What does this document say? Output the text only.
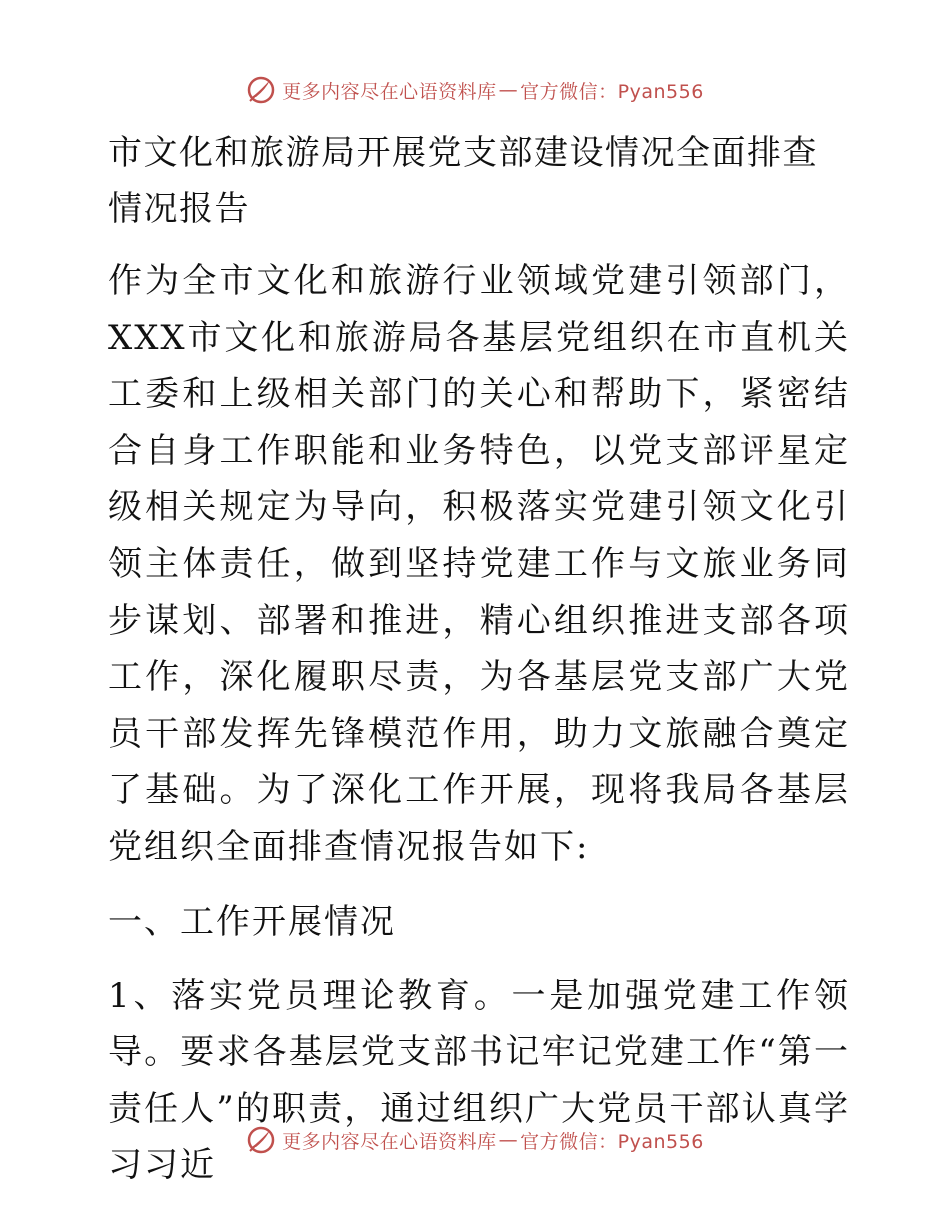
更多内容尽在心语资料库 — 官方微信：Pyan556
市文化和旅游局开展党支部建设情况全面排查情况报告

作为全市文化和旅游行业领域党建引领部门，XXX市文化和旅游局各基层党组织在市直机关工委和上级相关部门的关心和帮助下，紧密结合自身工作职能和业务特色，以党支部评星定级相关规定为导向，积极落实党建引领文化引领主体责任，做到坚持党建工作与文旅业务同步谋划、部署和推进，精心组织推进支部各项工作，深化履职尽责，为各基层党支部广大党员干部发挥先锋模范作用，助力文旅融合奠定了基础。为了深化工作开展，现将我局各基层党组织全面排查情况报告如下:

一、工作开展情况

1、落实党员理论教育。一是加强党建工作领导。要求各基层党支部书记牢记党建工作“第一责任人”的职责，通过组织广大党员干部认真学习习近

更多内容尽在心语资料库 — 官方微信：Pyan556
